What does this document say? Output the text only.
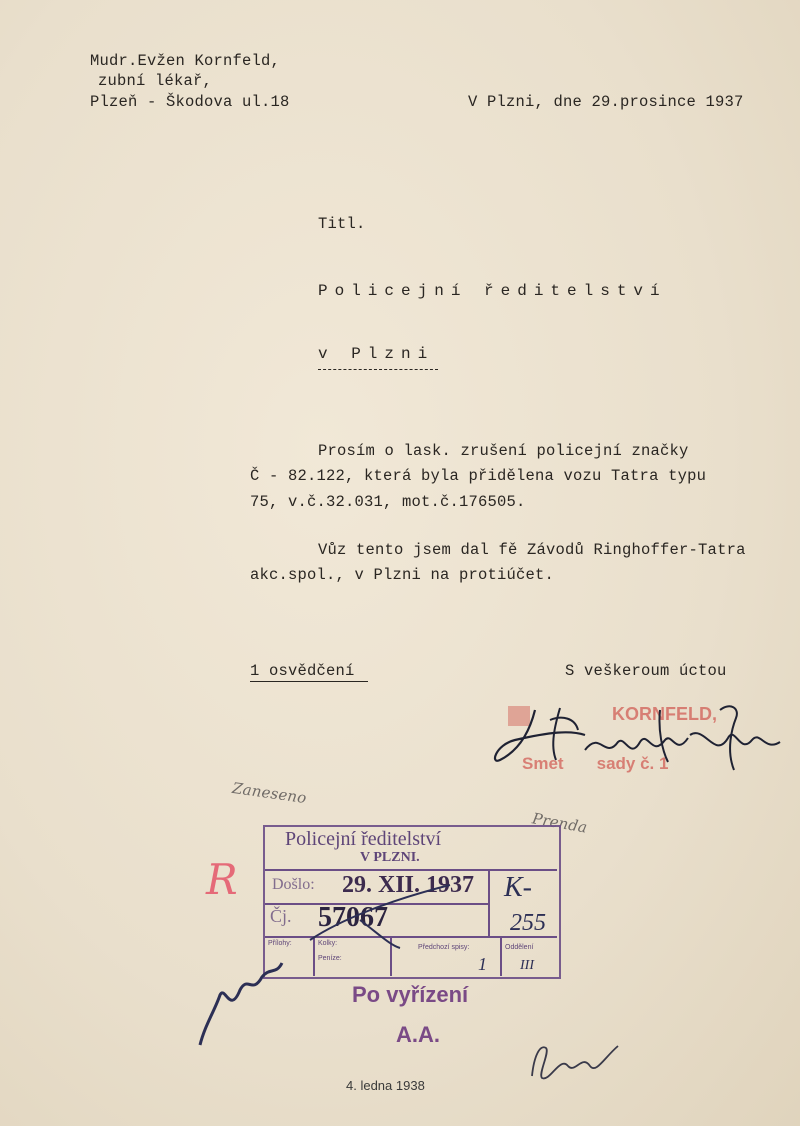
Mudr.Evžen Kornfeld,
zubní lékař,
Plzeň - Škodova ul.18	V Plzni, dne 29.prosince 1937
Titl.
Policejní ředitelství
v Plzni
Prosím o lask. zrušení policejní značky
Č - 82.122, která byla přidělena vozu Tatra typu
75, v.č.32.031, mot.č.176505.
Vůz tento jsem dal fě Závodů Ringhoffer-Tatra
akc.spol., v Plzni na protiúčet.
1 osvědčení	S veškeroum úctou
KORNFELD,
Smet       sady č. 1
Zaneseno
Prenda
R
Policejní ředitelství
V PLZNI.
Došlo: 29. XII. 1937
Čj. 57067
K-
255
Přílohy:	Kolky:
Peníze:
Předchozí spisy:	Oddělení
1 III
Po vyřízení
A.A.
4. ledna 1938
